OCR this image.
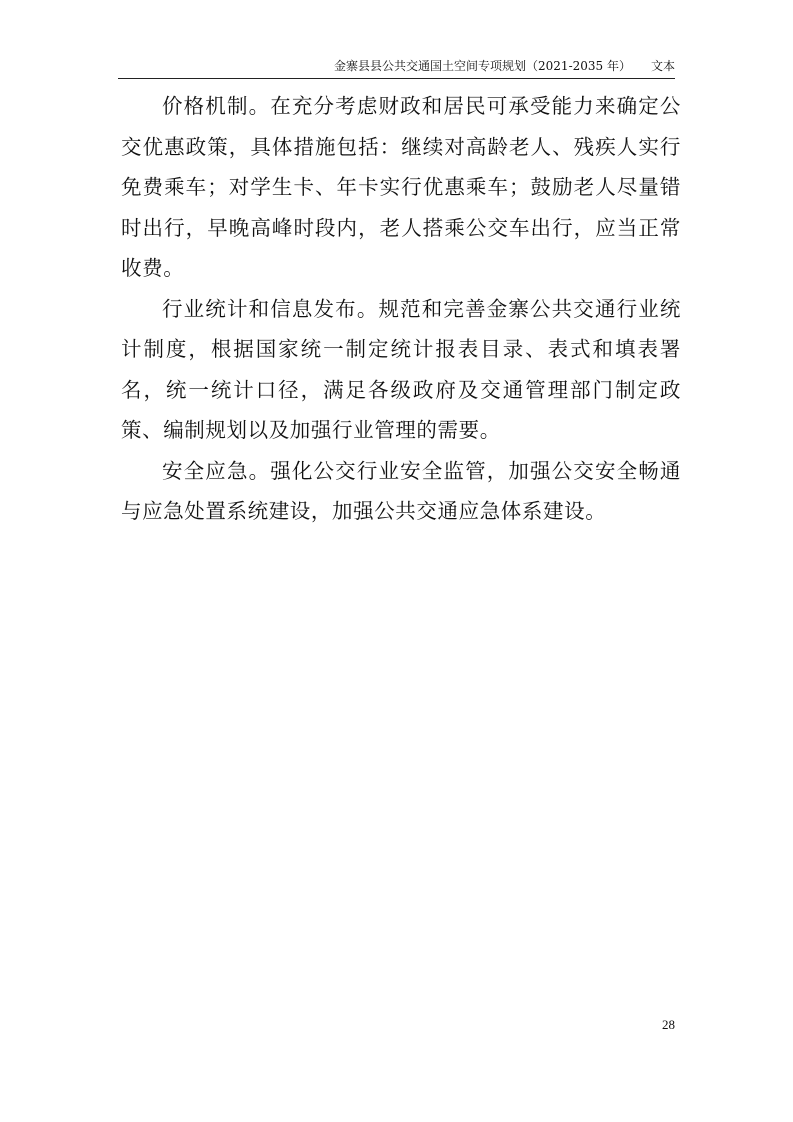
金寨县县公共交通国土空间专项规划（2021-2035 年） 文本

价格机制。在充分考虑财政和居民可承受能力来确定公交优惠政策，具体措施包括：继续对高龄老人、残疾人实行免费乘车；对学生卡、年卡实行优惠乘车；鼓励老人尽量错时出行，早晚高峰时段内，老人搭乘公交车出行，应当正常收费。

行业统计和信息发布。规范和完善金寨公共交通行业统计制度，根据国家统一制定统计报表目录、表式和填表署名，统一统计口径，满足各级政府及交通管理部门制定政策、编制规划以及加强行业管理的需要。

安全应急。强化公交行业安全监管，加强公交安全畅通与应急处置系统建设，加强公共交通应急体系建设。

28
